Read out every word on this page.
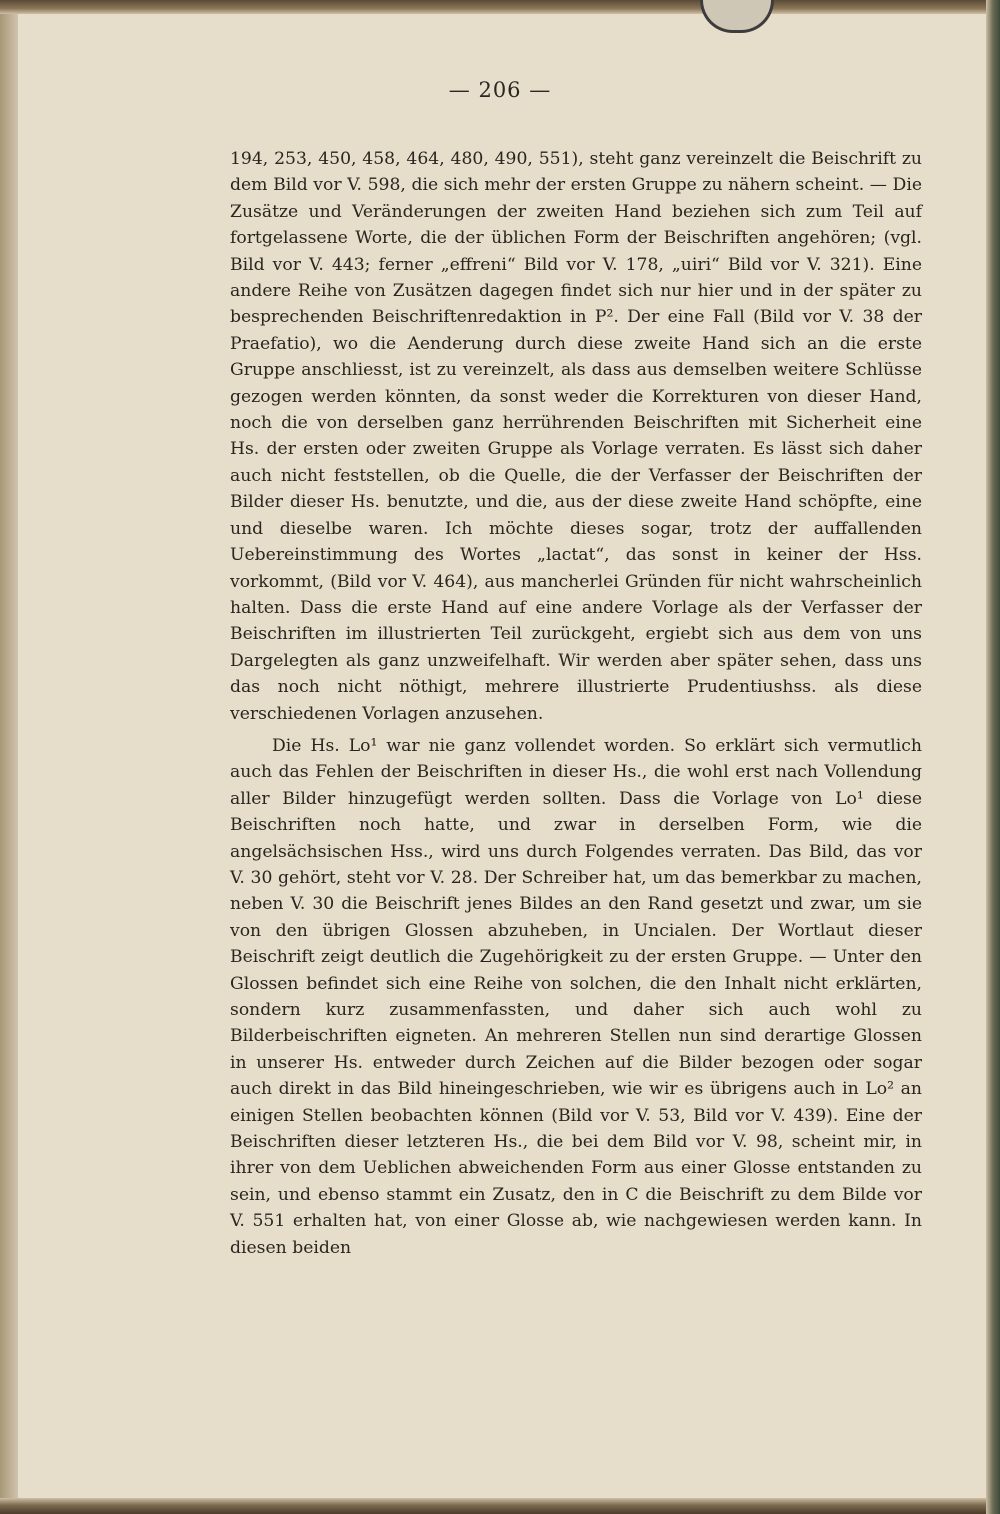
— 206 —

194, 253, 450, 458, 464, 480, 490, 551), steht ganz vereinzelt die Beischrift zu dem Bild vor V. 598, die sich mehr der ersten Gruppe zu nähern scheint. — Die Zusätze und Veränderungen der zweiten Hand beziehen sich zum Teil auf fortgelassene Worte, die der üblichen Form der Beischriften angehören; (vgl. Bild vor V. 443; ferner „effreni“ Bild vor V. 178, „uiri“ Bild vor V. 321). Eine andere Reihe von Zusätzen dagegen findet sich nur hier und in der später zu besprechenden Beischriftenredaktion in P². Der eine Fall (Bild vor V. 38 der Praefatio), wo die Aenderung durch diese zweite Hand sich an die erste Gruppe anschliesst, ist zu vereinzelt, als dass aus demselben weitere Schlüsse gezogen werden könnten, da sonst weder die Korrekturen von dieser Hand, noch die von derselben ganz herrührenden Beischriften mit Sicherheit eine Hs. der ersten oder zweiten Gruppe als Vorlage verraten. Es lässt sich daher auch nicht feststellen, ob die Quelle, die der Verfasser der Beischriften der Bilder dieser Hs. benutzte, und die, aus der diese zweite Hand schöpfte, eine und dieselbe waren. Ich möchte dieses sogar, trotz der auffallenden Uebereinstimmung des Wortes „lactat“, das sonst in keiner der Hss. vorkommt, (Bild vor V. 464), aus mancherlei Gründen für nicht wahrscheinlich halten. Dass die erste Hand auf eine andere Vorlage als der Verfasser der Beischriften im illustrierten Teil zurückgeht, ergiebt sich aus dem von uns Dargelegten als ganz unzweifelhaft. Wir werden aber später sehen, dass uns das noch nicht nöthigt, mehrere illustrierte Prudentiushss. als diese verschiedenen Vorlagen anzusehen.

Die Hs. Lo¹ war nie ganz vollendet worden. So erklärt sich vermutlich auch das Fehlen der Beischriften in dieser Hs., die wohl erst nach Vollendung aller Bilder hinzugefügt werden sollten. Dass die Vorlage von Lo¹ diese Beischriften noch hatte, und zwar in derselben Form, wie die angelsächsischen Hss., wird uns durch Folgendes verraten. Das Bild, das vor V. 30 gehört, steht vor V. 28. Der Schreiber hat, um das bemerkbar zu machen, neben V. 30 die Beischrift jenes Bildes an den Rand gesetzt und zwar, um sie von den übrigen Glossen abzuheben, in Uncialen. Der Wortlaut dieser Beischrift zeigt deutlich die Zugehörigkeit zu der ersten Gruppe. — Unter den Glossen befindet sich eine Reihe von solchen, die den Inhalt nicht erklärten, sondern kurz zusammenfassten, und daher sich auch wohl zu Bilderbeischriften eigneten. An mehreren Stellen nun sind derartige Glossen in unserer Hs. entweder durch Zeichen auf die Bilder bezogen oder sogar auch direkt in das Bild hineingeschrieben, wie wir es übrigens auch in Lo² an einigen Stellen beobachten können (Bild vor V. 53, Bild vor V. 439). Eine der Beischriften dieser letzteren Hs., die bei dem Bild vor V. 98, scheint mir, in ihrer von dem Ueblichen abweichenden Form aus einer Glosse entstanden zu sein, und ebenso stammt ein Zusatz, den in C die Beischrift zu dem Bilde vor V. 551 erhalten hat, von einer Glosse ab, wie nachgewiesen werden kann. In diesen beiden
